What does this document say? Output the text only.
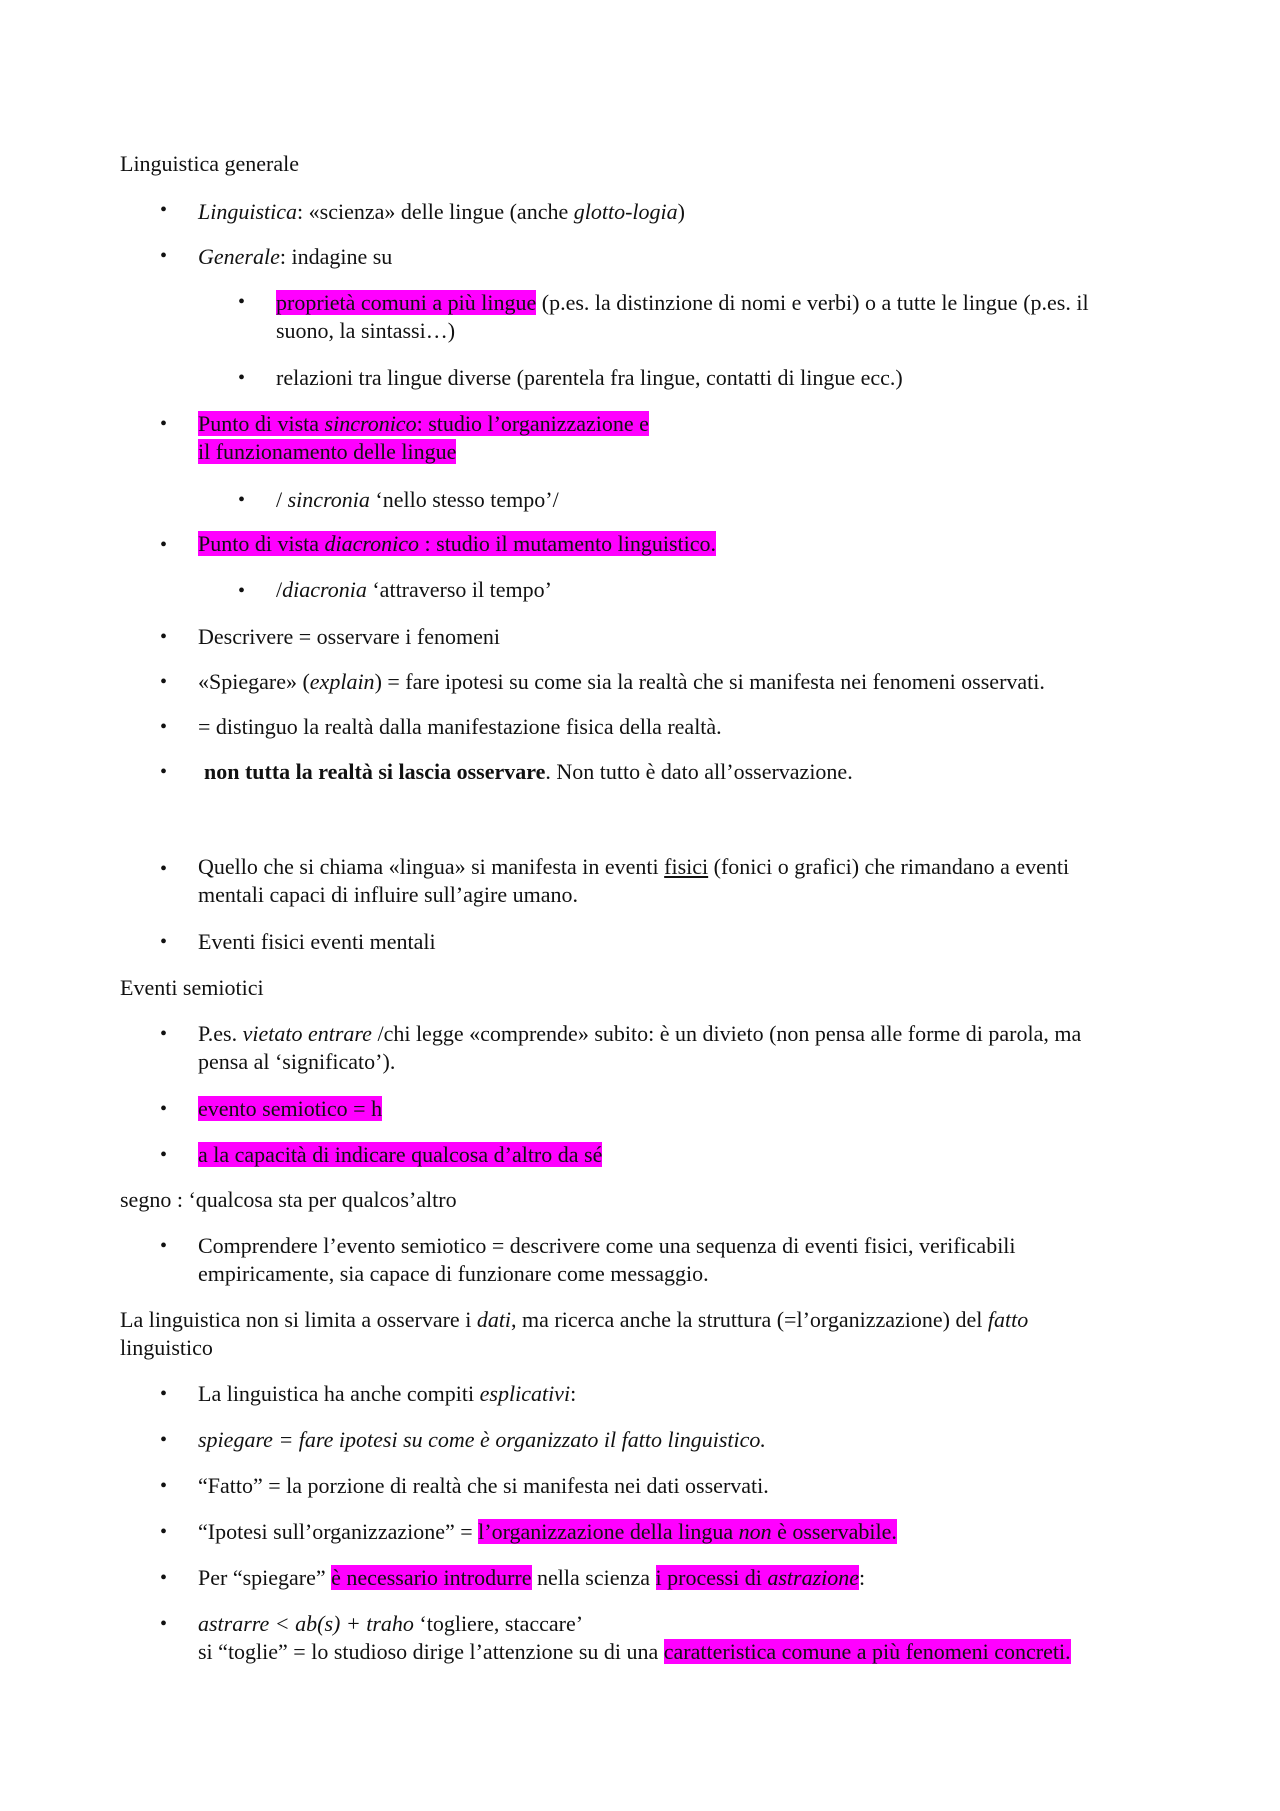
Linguistica generale
• Linguistica: «scienza» delle lingue (anche glotto-logia)
• Generale: indagine su
• proprietà comuni a più lingue (p.es. la distinzione di nomi e verbi) o a tutte le lingue (p.es. il
suono, la sintassi…)
• relazioni tra lingue diverse (parentela fra lingue, contatti di lingue ecc.)
• Punto di vista sincronico: studio l’organizzazione e
il funzionamento delle lingue
• / sincronia ‘nello stesso tempo’/
• Punto di vista diacronico : studio il mutamento linguistico.
• /diacronia ‘attraverso il tempo’
• Descrivere = osservare i fenomeni
• «Spiegare» (explain) = fare ipotesi su come sia la realtà che si manifesta nei fenomeni osservati.
• = distinguo la realtà dalla manifestazione fisica della realtà.
• non tutta la realtà si lascia osservare. Non tutto è dato all’osservazione.
• Quello che si chiama «lingua» si manifesta in eventi fisici (fonici o grafici) che rimandano a eventi
mentali capaci di influire sull’agire umano.
• Eventi fisici eventi mentali
Eventi semiotici
• P.es. vietato entrare /chi legge «comprende» subito: è un divieto (non pensa alle forme di parola, ma
pensa al ‘significato’).
• evento semiotico = h
• a la capacità di indicare qualcosa d’altro da sé
segno : ‘qualcosa sta per qualcos’altro
• Comprendere l’evento semiotico = descrivere come una sequenza di eventi fisici, verificabili
empiricamente, sia capace di funzionare come messaggio.
La linguistica non si limita a osservare i dati, ma ricerca anche la struttura (=l’organizzazione) del fatto
linguistico
• La linguistica ha anche compiti esplicativi:
• spiegare = fare ipotesi su come è organizzato il fatto linguistico.
• “Fatto” = la porzione di realtà che si manifesta nei dati osservati.
• “Ipotesi sull’organizzazione” = l’organizzazione della lingua non è osservabile.
• Per “spiegare” è necessario introdurre nella scienza i processi di astrazione:
• astrarre < ab(s) + traho ‘togliere, staccare’
si “toglie” = lo studioso dirige l’attenzione su di una caratteristica comune a più fenomeni concreti.
